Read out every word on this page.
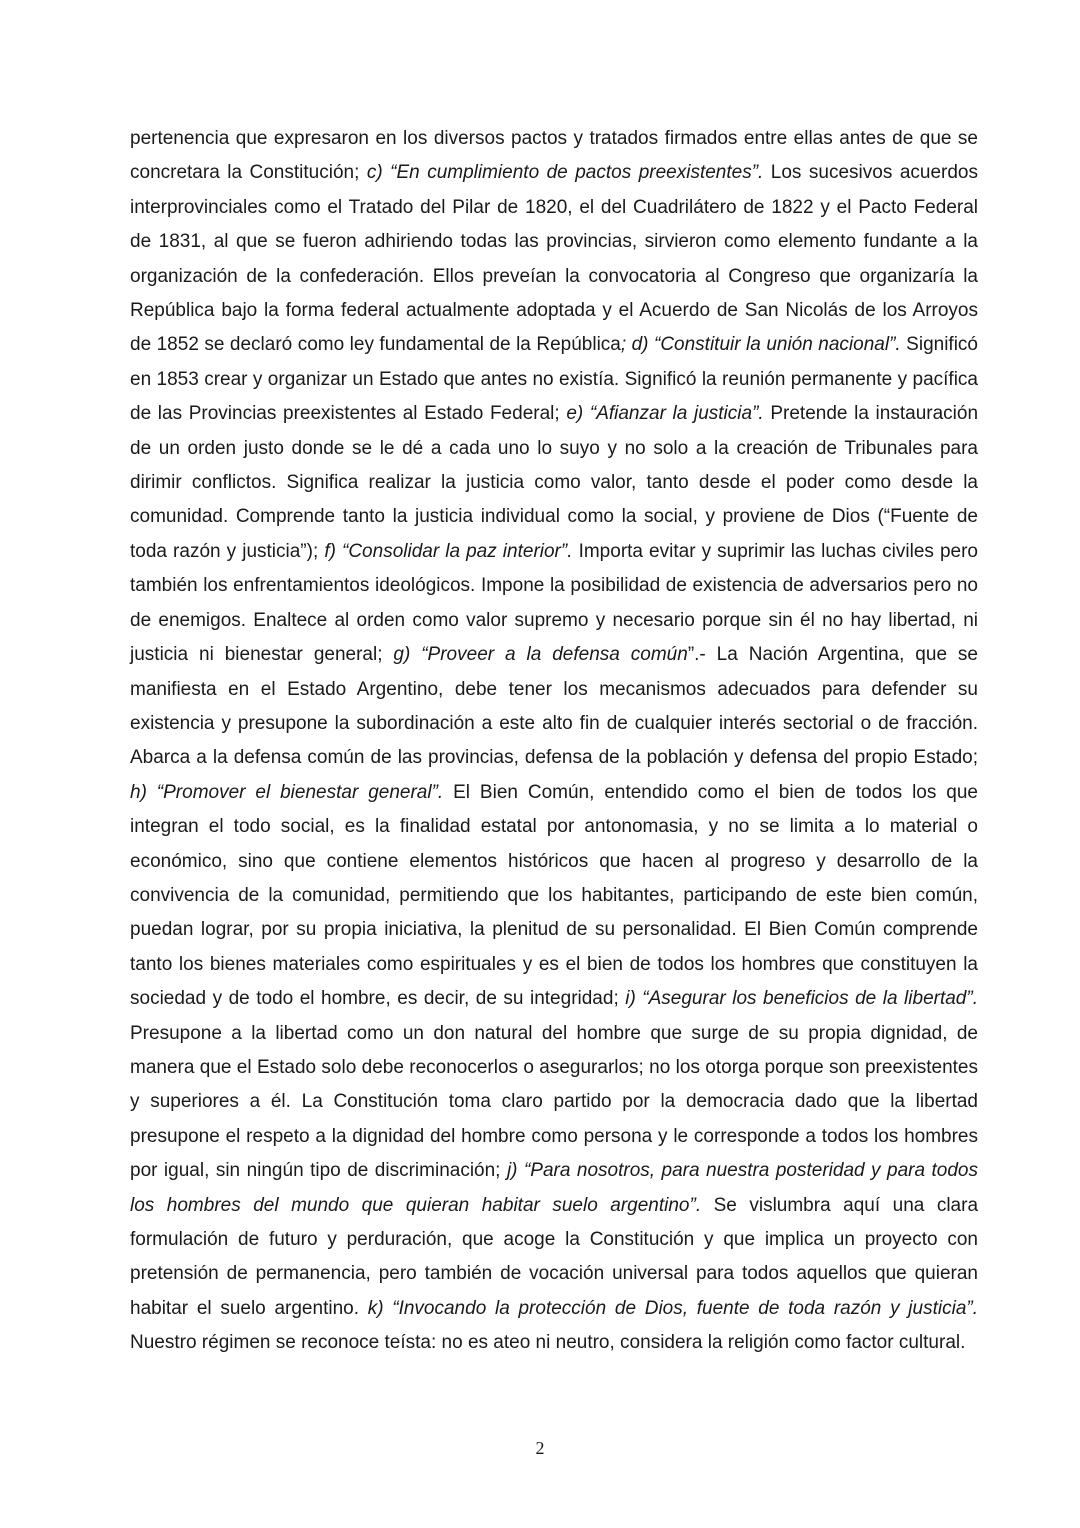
pertenencia que expresaron en los diversos pactos y tratados firmados entre ellas antes de que se concretara la Constitución; c) “En cumplimiento de pactos preexistentes”. Los sucesivos acuerdos interprovinciales como el Tratado del Pilar de 1820, el del Cuadrilátero de 1822 y el Pacto Federal de 1831, al que se fueron adhiriendo todas las provincias, sirvieron como elemento fundante a la organización de la confederación. Ellos preveían la convocatoria al Congreso que organizaría la República bajo la forma federal actualmente adoptada y el Acuerdo de San Nicolás de los Arroyos de 1852 se declaró como ley fundamental de la República; d) “Constituir la unión nacional”. Significó en 1853 crear y organizar un Estado que antes no existía. Significó la reunión permanente y pacífica de las Provincias preexistentes al Estado Federal; e) “Afianzar la justicia”. Pretende la instauración de un orden justo donde se le dé a cada uno lo suyo y no solo a la creación de Tribunales para dirimir conflictos. Significa realizar la justicia como valor, tanto desde el poder como desde la comunidad. Comprende tanto la justicia individual como la social, y proviene de Dios (“Fuente de toda razón y justicia”); f) “Consolidar la paz interior”. Importa evitar y suprimir las luchas civiles pero también los enfrentamientos ideológicos. Impone la posibilidad de existencia de adversarios pero no de enemigos. Enaltece al orden como valor supremo y necesario porque sin él no hay libertad, ni justicia ni bienestar general; g) “Proveer a la defensa común”.- La Nación Argentina, que se manifiesta en el Estado Argentino, debe tener los mecanismos adecuados para defender su existencia y presupone la subordinación a este alto fin de cualquier interés sectorial o de fracción. Abarca a la defensa común de las provincias, defensa de la población y defensa del propio Estado; h) “Promover el bienestar general”. El Bien Común, entendido como el bien de todos los que integran el todo social, es la finalidad estatal por antonomasia, y no se limita a lo material o económico, sino que contiene elementos históricos que hacen al progreso y desarrollo de la convivencia de la comunidad, permitiendo que los habitantes, participando de este bien común, puedan lograr, por su propia iniciativa, la plenitud de su personalidad. El Bien Común comprende tanto los bienes materiales como espirituales y es el bien de todos los hombres que constituyen la sociedad y de todo el hombre, es decir, de su integridad; i) “Asegurar los beneficios de la libertad”. Presupone a la libertad como un don natural del hombre que surge de su propia dignidad, de manera que el Estado solo debe reconocerlos o asegurarlos; no los otorga porque son preexistentes y superiores a él. La Constitución toma claro partido por la democracia dado que la libertad presupone el respeto a la dignidad del hombre como persona y le corresponde a todos los hombres por igual, sin ningún tipo de discriminación; j) “Para nosotros, para nuestra posteridad y para todos los hombres del mundo que quieran habitar suelo argentino”. Se vislumbra aquí una clara formulación de futuro y perduración, que acoge la Constitución y que implica un proyecto con pretensión de permanencia, pero también de vocación universal para todos aquellos que quieran habitar el suelo argentino. k) “Invocando la protección de Dios, fuente de toda razón y justicia”. Nuestro régimen se reconoce teísta: no es ateo ni neutro, considera la religión como factor cultural.

2
